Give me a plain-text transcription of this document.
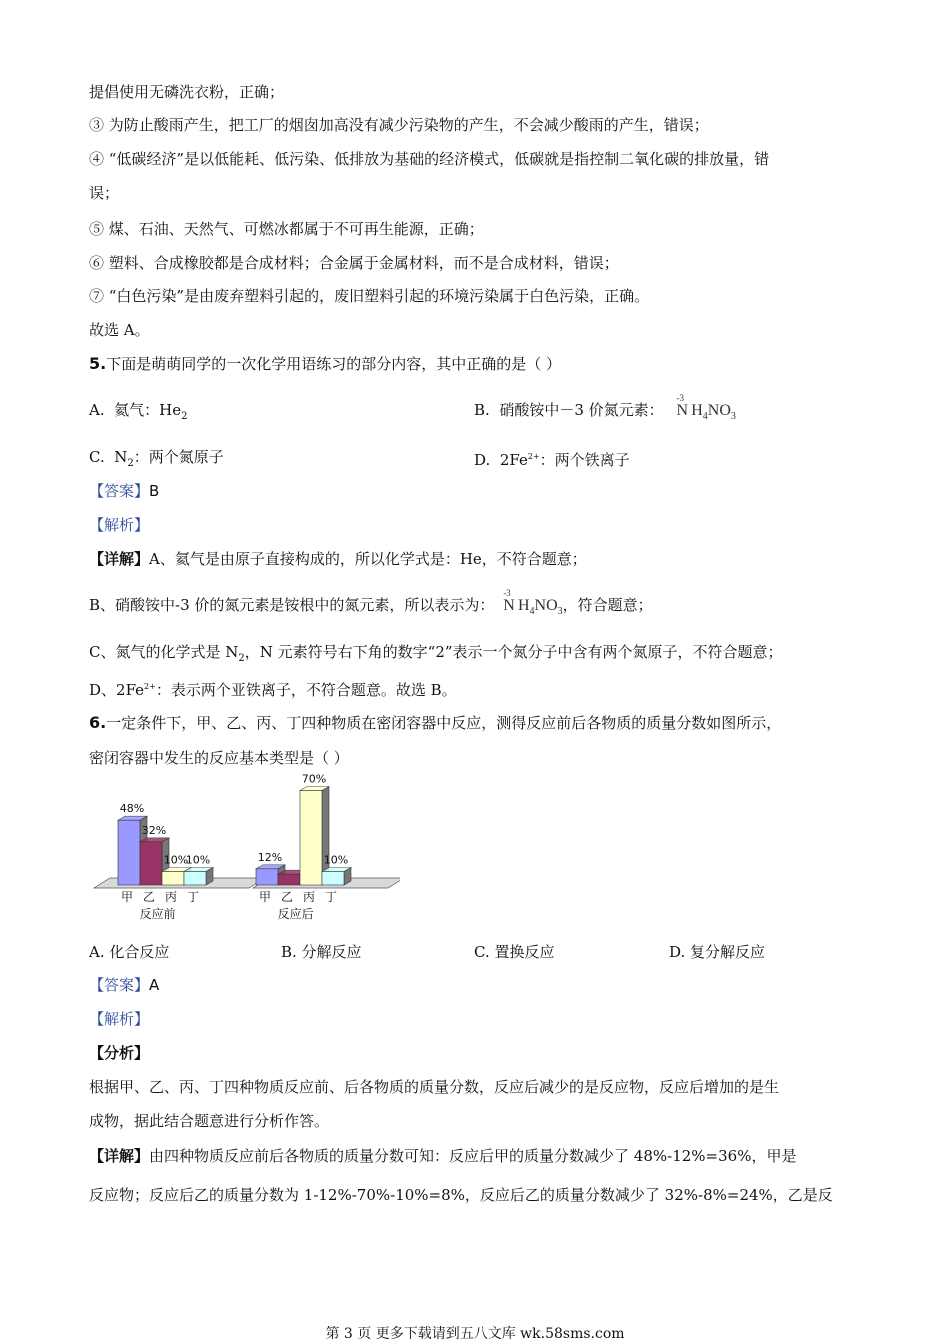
提倡使用无磷洗衣粉，正确；
③ 为防止酸雨产生，把工厂的烟囱加高没有减少污染物的产生，不会减少酸雨的产生，错误；
④ “低碳经济”是以低能耗、低污染、低排放为基础的经济模式，低碳就是指控制二氧化碳的排放量，错
误；
⑤ 煤、石油、天然气、可燃冰都属于不可再生能源，正确；
⑥ 塑料、合成橡胶都是合成材料；合金属于金属材料，而不是合成材料，错误；
⑦ “白色污染”是由废弃塑料引起的，废旧塑料引起的环境污染属于白色污染，正确。
故选 A。
5.下面是萌萌同学的一次化学用语练习的部分内容，其中正确的是（ ）
A. 氦气：$He_2$	B. 硝酸铵中－3 价氮元素：
-3
N  $H_4NO_3$
C. $N_2$：两个氮原子	D. $2Fe^{2+}$：两个铁离子
【答案】B
【解析】
【详解】A、氦气是由原子直接构成的，所以化学式是：He，不符合题意；
B、硝酸铵中-3 价的氮元素是铵根中的氮元素，所以表示为：
-3
N  $H_4NO_3$，符合题意；
C、氮气的化学式是 $N_2$，N 元素符号右下角的数字“2”表示一个氮分子中含有两个氮原子，不符合题意；
D、$2Fe^{2+}$：表示两个亚铁离子，不符合题意。故选 B。
6.一定条件下，甲、乙、丙、丁四种物质在密闭容器中反应，测得反应前后各物质的质量分数如图所示，
密闭容器中发生的反应基本类型是（ ）
48%
甲
32%
乙
10%
丙
10%
丁
反应前
12%
甲 乙
70%
丙
10%
丁
反应后
A. 化合反应	B. 分解反应	C. 置换反应	D. 复分解反应
【答案】A
【解析】
【分析】
根据甲、乙、丙、丁四种物质反应前、后各物质的质量分数，反应后减少的是反应物，反应后增加的是生
成物，据此结合题意进行分析作答。
【详解】由四种物质反应前后各物质的质量分数可知：反应后甲的质量分数减少了 48%-12%=36%，甲是
反应物；反应后乙的质量分数为 1-12%-70%-10%=8%，反应后乙的质量分数减少了 32%-8%=24%，乙是反
第 3 页 更多下载请到五八文库 wk.58sms.com
